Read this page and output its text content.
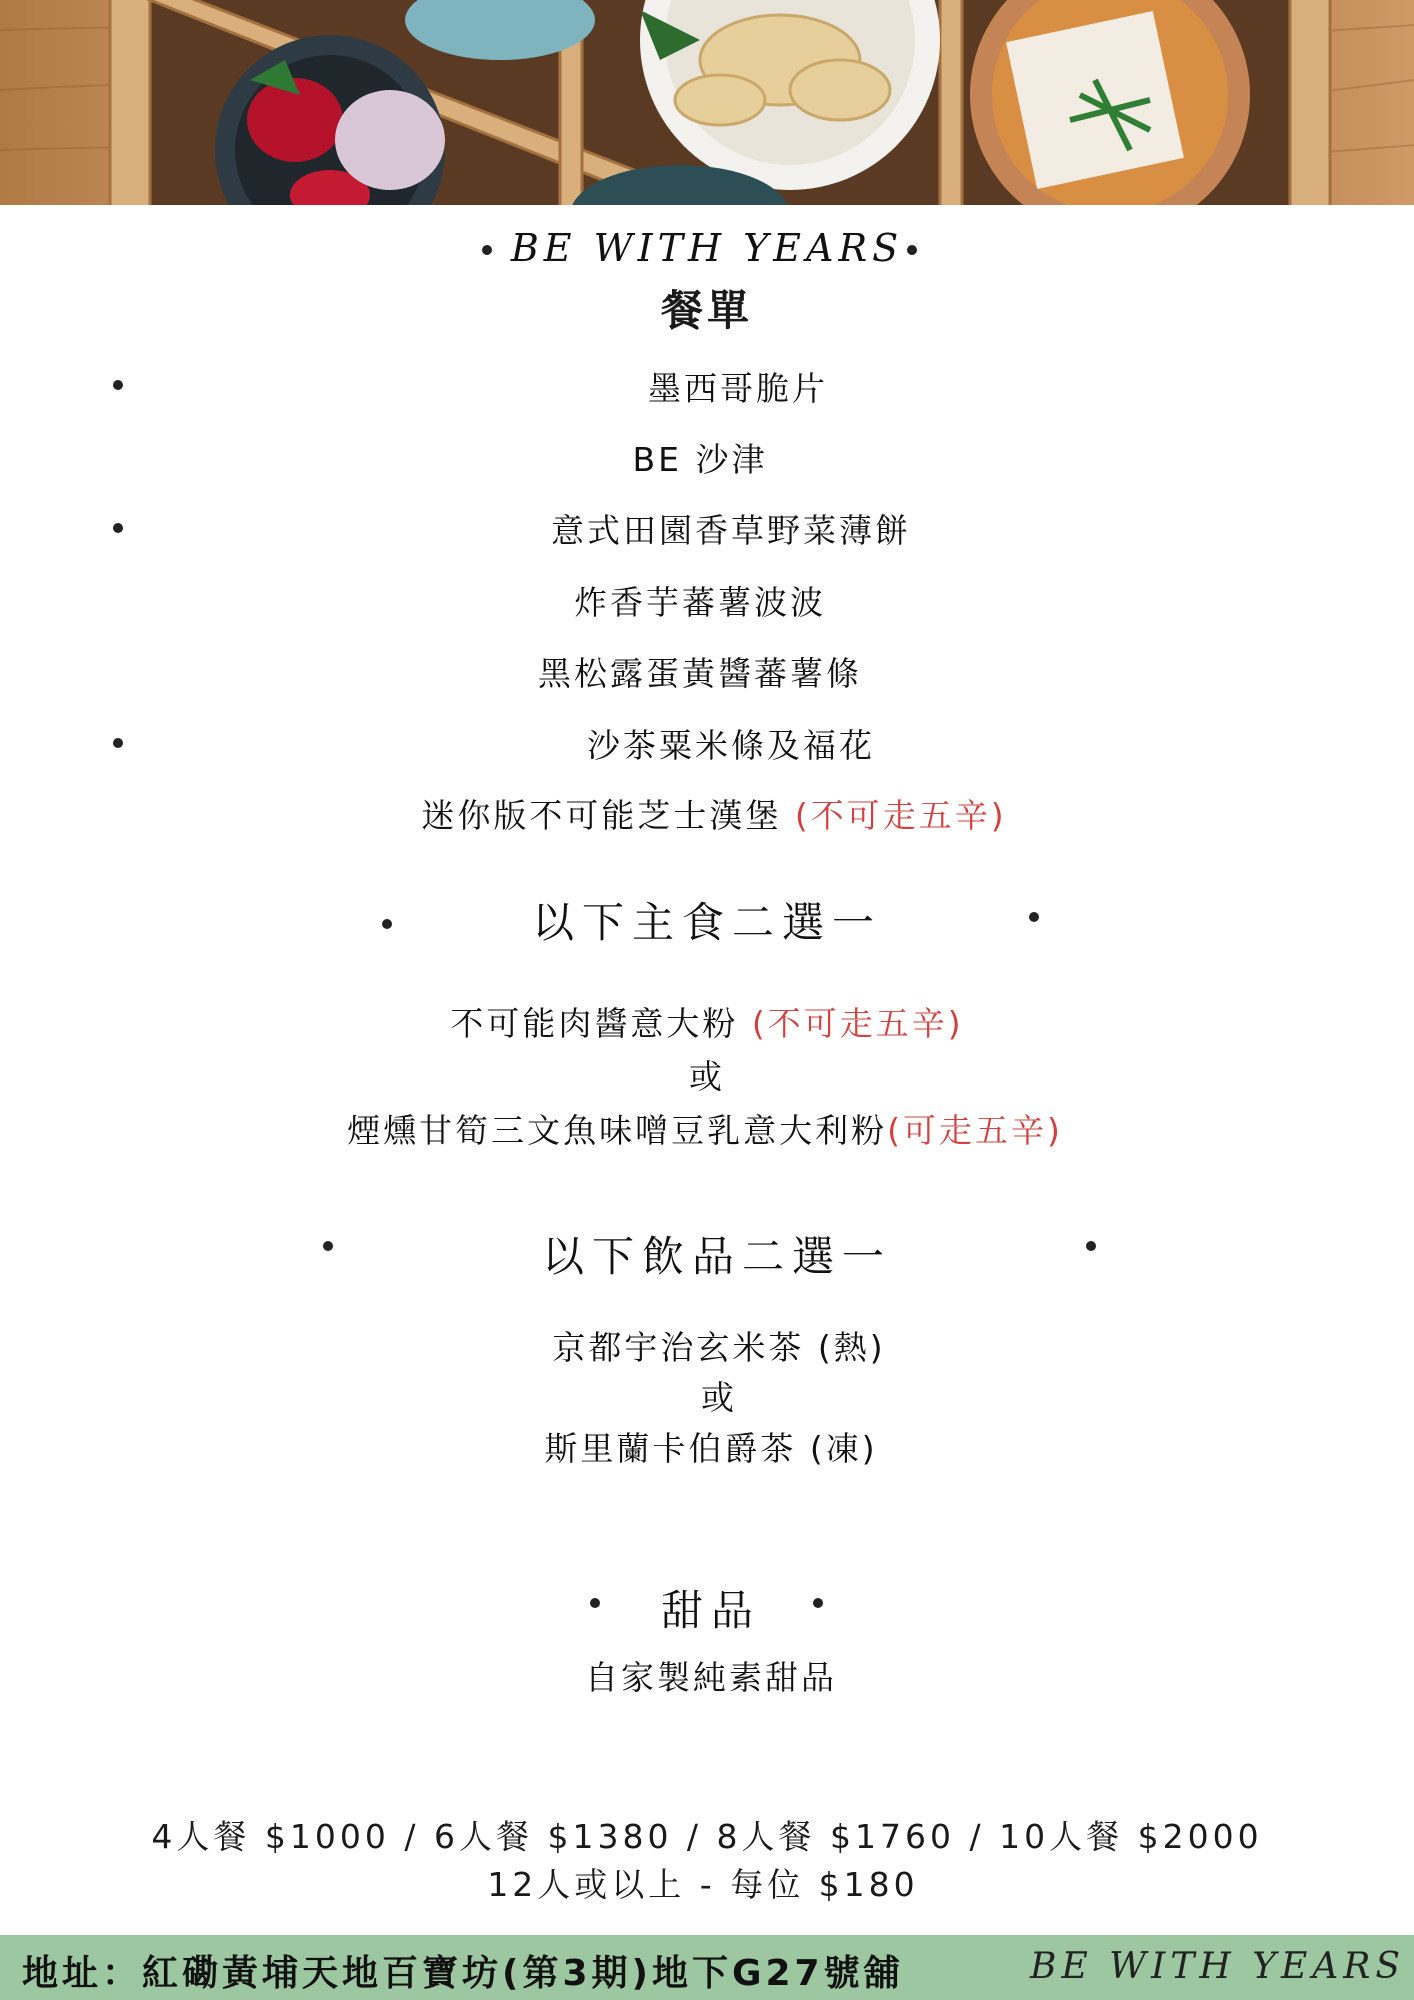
BE WITH YEARS
餐單
墨西哥脆片
BE 沙津
意式田園香草野菜薄餅
炸香芋蕃薯波波
黑松露蛋黃醬蕃薯條
沙茶粟米條及福花
迷你版不可能芝士漢堡 (不可走五辛)
以下主食二選一
不可能肉醬意大粉 (不可走五辛)
或
煙燻甘筍三文魚味噌豆乳意大利粉(可走五辛)
以下飲品二選一
京都宇治玄米茶 (熱)
或
斯里蘭卡伯爵茶 (凍)
甜品
自家製純素甜品
4人餐 $1000 / 6人餐 $1380 / 8人餐 $1760 / 10人餐 $2000
12人或以上 - 每位 $180
地址：紅磡黃埔天地百寶坊(第3期)地下G27號舖	BE WITH YEARS
